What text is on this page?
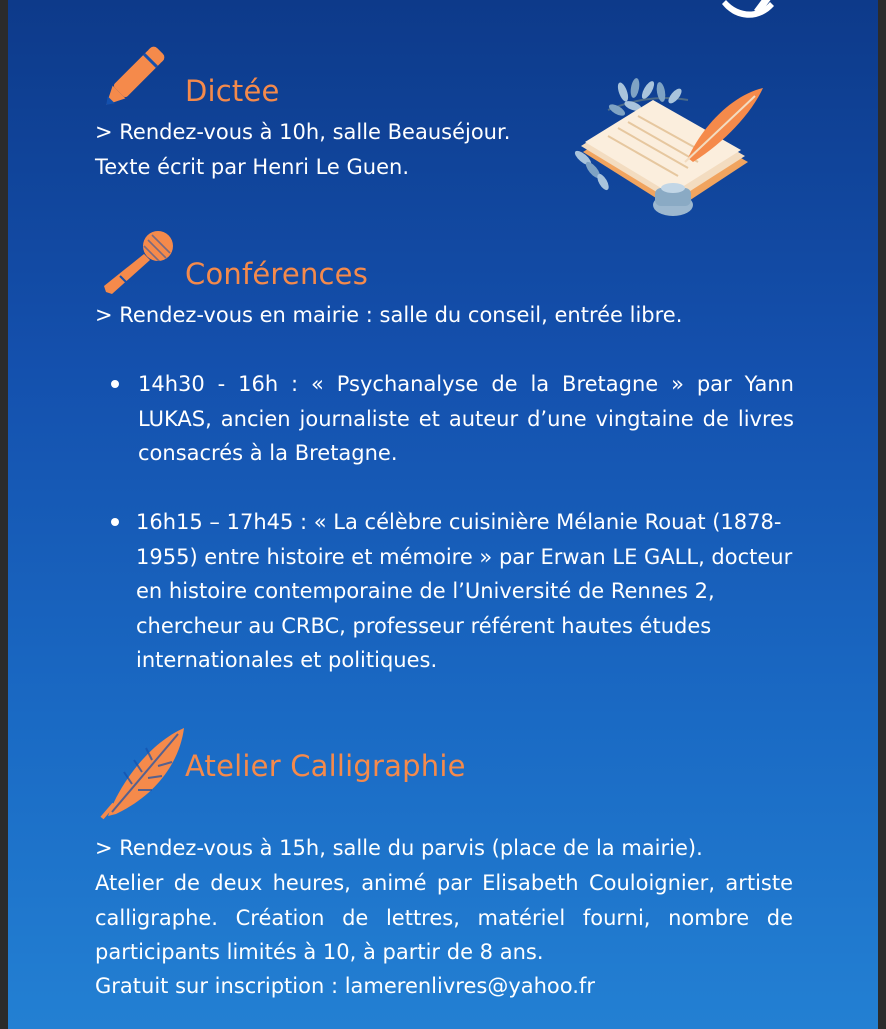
Dictée
> Rendez-vous à 10h, salle Beauséjour.
Texte écrit par Henri Le Guen.
Conférences
> Rendez-vous en mairie : salle du conseil, entrée libre.
14h30 - 16h : « Psychanalyse de la Bretagne » par Yann LUKAS, ancien journaliste et auteur d’une vingtaine de livres consacrés à la Bretagne.
16h15 – 17h45 : « La célèbre cuisinière Mélanie Rouat (1878-1955) entre histoire et mémoire » par Erwan LE GALL, docteur en histoire contemporaine de l’Université de Rennes 2, chercheur au CRBC, professeur référent hautes études internationales et politiques.
Atelier Calligraphie
> Rendez-vous à 15h, salle du parvis (place de la mairie).
Atelier de deux heures, animé par Elisabeth Couloignier, artiste calligraphe. Création de lettres, matériel fourni, nombre de participants limités à 10, à partir de 8 ans.
Gratuit sur inscription : lamerenlivres@yahoo.fr
